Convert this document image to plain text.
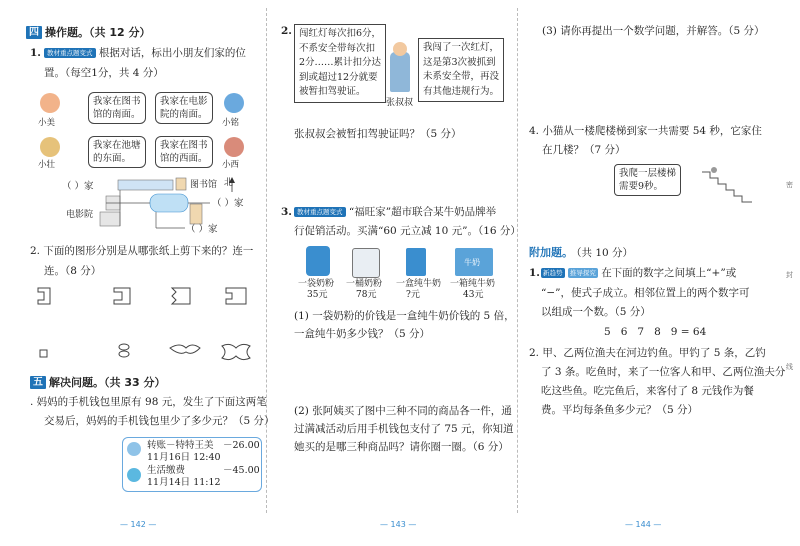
四 操作题。（共 12 分）
1. 教材重点题变式 根据对话，标出小朋友们家的位
置。（每空1分，共 4 分）
小美
我家在图书
馆的南面。
我家在电影
院的南面。
小铭
小壮
我家在池塘
的东面。
我家在图书
馆的西面。
小西
（ ）家	图书馆 北
电影院
（ ）家
（ ）家
2. 下面的图形分别是从哪张纸上剪下来的？连一
连。（8 分）
五 解决问题。（共 33 分）
. 妈妈的手机钱包里原有 98 元，发生了下面这两笔
交易后，妈妈的手机钱包里少了多少元？（5 分）
转账－特特王美 －26.00
11月16日 12:40
生活缴费	－45.00
11月14日 11:12
— 142 —
2. 闯红灯每次扣6分，
不系安全带每次扣
2分……累计扣分达
到或超过12分就要
被暂扣驾驶证。
张叔叔
我闯了一次红灯，
这是第3次被抓到
未系安全带，再没
有其他违规行为。
张叔叔会被暂扣驾驶证吗？（5 分）
3. 教材重点题变式 “福旺家”超市联合某牛奶品牌举
行促销活动。买满“60 元立减 10 元”。（16 分）
牛奶
一袋奶粉
35元
一桶奶粉
78元
一盒纯牛奶
?元
一箱纯牛奶
43元
(1) 一袋奶粉的价钱是一盒纯牛奶价钱的 5 倍，
一盒纯牛奶多少钱？（5 分）
(2) 张阿姨买了图中三种不同的商品各一件，通
过满减活动后用手机钱包支付了 75 元，你知道
她买的是哪三种商品吗？请你圈一圈。（6 分）
— 143 —
(3) 请你再提出一个数学问题，并解答。（5 分）
4. 小猫从一楼爬楼梯到家一共需要 54 秒，它家住
在几楼？（7 分）
我爬一层楼梯
需要9秒。
附加题。
（共 10 分）
1. 新趋势 推导探究 在下面的数字之间填上“+”或
“−”，使式子成立。相邻位置上的两个数字可
以组成一个数。（5 分）
5   6   7   8   9 = 64
2. 甲、乙两位渔夫在河边钓鱼。甲钓了 5 条，乙钓
了 3 条。吃鱼时，来了一位客人和甲、乙两位渔夫分
吃这些鱼。吃完鱼后，来客付了 8 元钱作为餐
费。平均每条鱼多少元？（5 分）
密
封
线
— 144 —
